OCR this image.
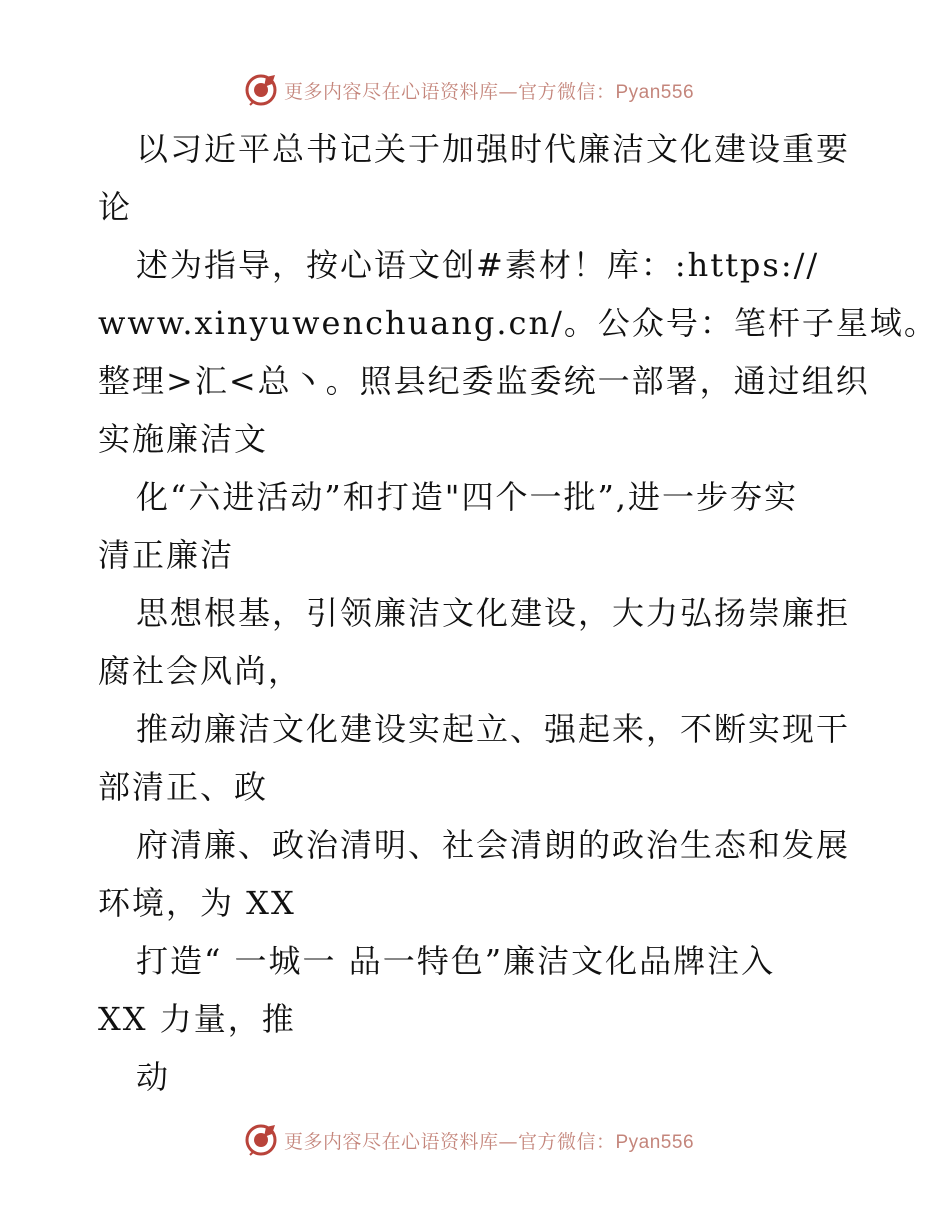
更多内容尽在心语资料库—官方微信：Pyan556
以习近平总书记关于加强时代廉洁文化建设重要
论
述为指导，按心语文创#素材！库：:https://
www.xinyuwenchuang.cn/。公众号：笔杆子星域。
整理>汇<总丶。照县纪委监委统一部署，通过组织
实施廉洁文
化“六进活动”和打造"四个一批”,进一步夯实
清正廉洁
思想根基，引领廉洁文化建设，大力弘扬崇廉拒
腐社会风尚，
推动廉洁文化建设实起立、强起来，不断实现干
部清正、政
府清廉、政治清明、社会清朗的政治生态和发展
环境，为 XX
打造“ 一城一 品一特色”廉洁文化品牌注入
XX 力量，推
动
更多内容尽在心语资料库—官方微信：Pyan556
